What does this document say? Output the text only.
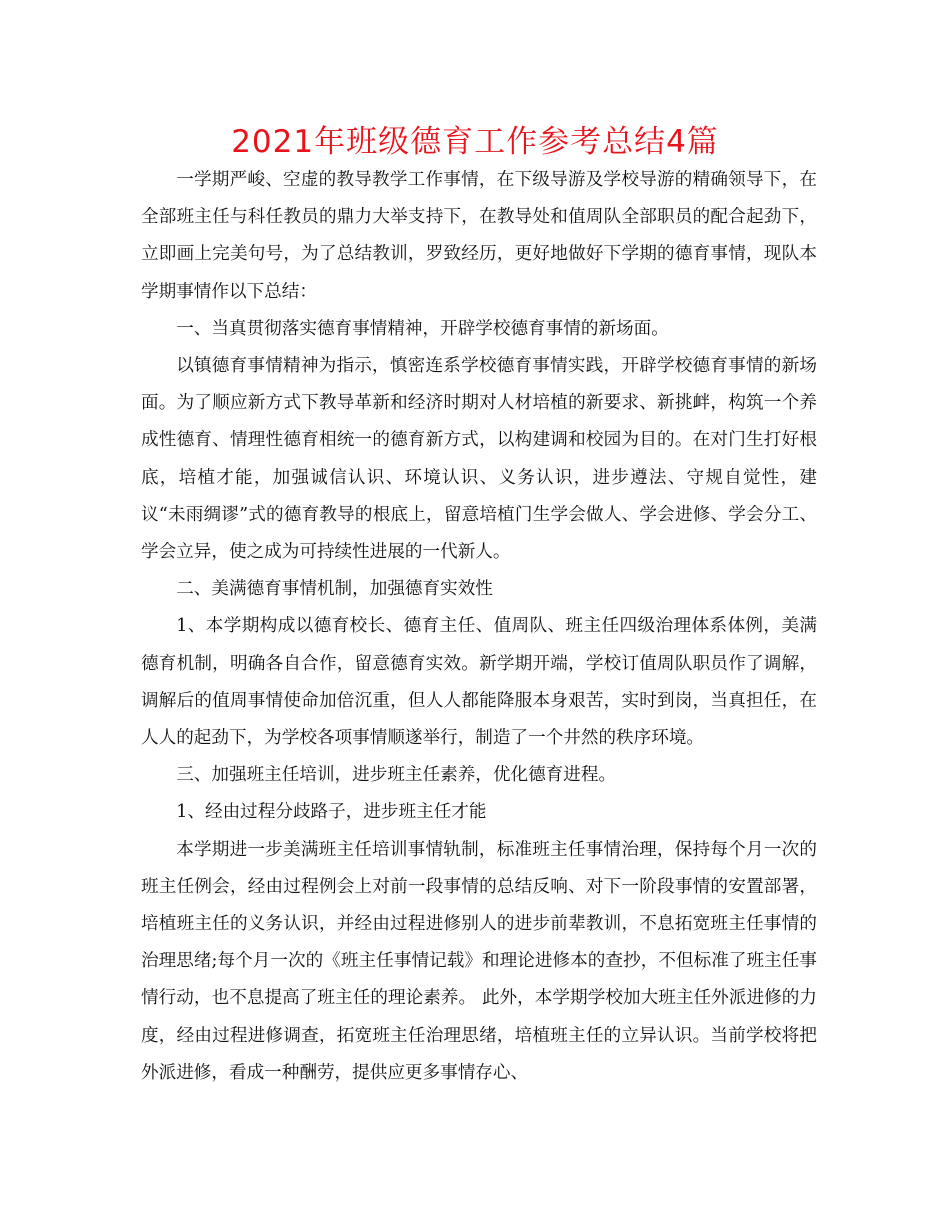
2021年班级德育工作参考总结4篇

一学期严峻、空虚的教导教学工作事情，在下级导游及学校导游的精确领导下，在全部班主任与科任教员的鼎力大举支持下，在教导处和值周队全部职员的配合起劲下，立即画上完美句号，为了总结教训，罗致经历，更好地做好下学期的德育事情，现队本学期事情作以下总结：

一、当真贯彻落实德育事情精神，开辟学校德育事情的新场面。

以镇德育事情精神为指示，慎密连系学校德育事情实践，开辟学校德育事情的新场面。为了顺应新方式下教导革新和经济时期对人材培植的新要求、新挑衅，构筑一个养成性德育、情理性德育相统一的德育新方式，以构建调和校园为目的。在对门生打好根底，培植才能，加强诚信认识、环境认识、义务认识，进步遵法、守规自觉性，建议“未雨绸谬”式的德育教导的根底上，留意培植门生学会做人、学会进修、学会分工、学会立异，使之成为可持续性进展的一代新人。

二、美满德育事情机制，加强德育实效性

1、本学期构成以德育校长、德育主任、值周队、班主任四级治理体系体例，美满德育机制，明确各自合作，留意德育实效。新学期开端，学校订值周队职员作了调解，调解后的值周事情使命加倍沉重，但人人都能降服本身艰苦，实时到岗，当真担任，在人人的起劲下，为学校各项事情顺遂举行，制造了一个井然的秩序环境。

三、加强班主任培训，进步班主任素养，优化德育进程。

1、经由过程分歧路子，进步班主任才能

本学期进一步美满班主任培训事情轨制，标准班主任事情治理，保持每个月一次的班主任例会，经由过程例会上对前一段事情的总结反响、对下一阶段事情的安置部署，培植班主任的义务认识，并经由过程进修别人的进步前辈教训，不息拓宽班主任事情的治理思绪;每个月一次的《班主任事情记载》和理论进修本的查抄，不但标准了班主任事情行动，也不息提高了班主任的理论素养。 此外，本学期学校加大班主任外派进修的力度，经由过程进修调查，拓宽班主任治理思绪，培植班主任的立异认识。当前学校将把外派进修，看成一种酬劳，提供应更多事情存心、
